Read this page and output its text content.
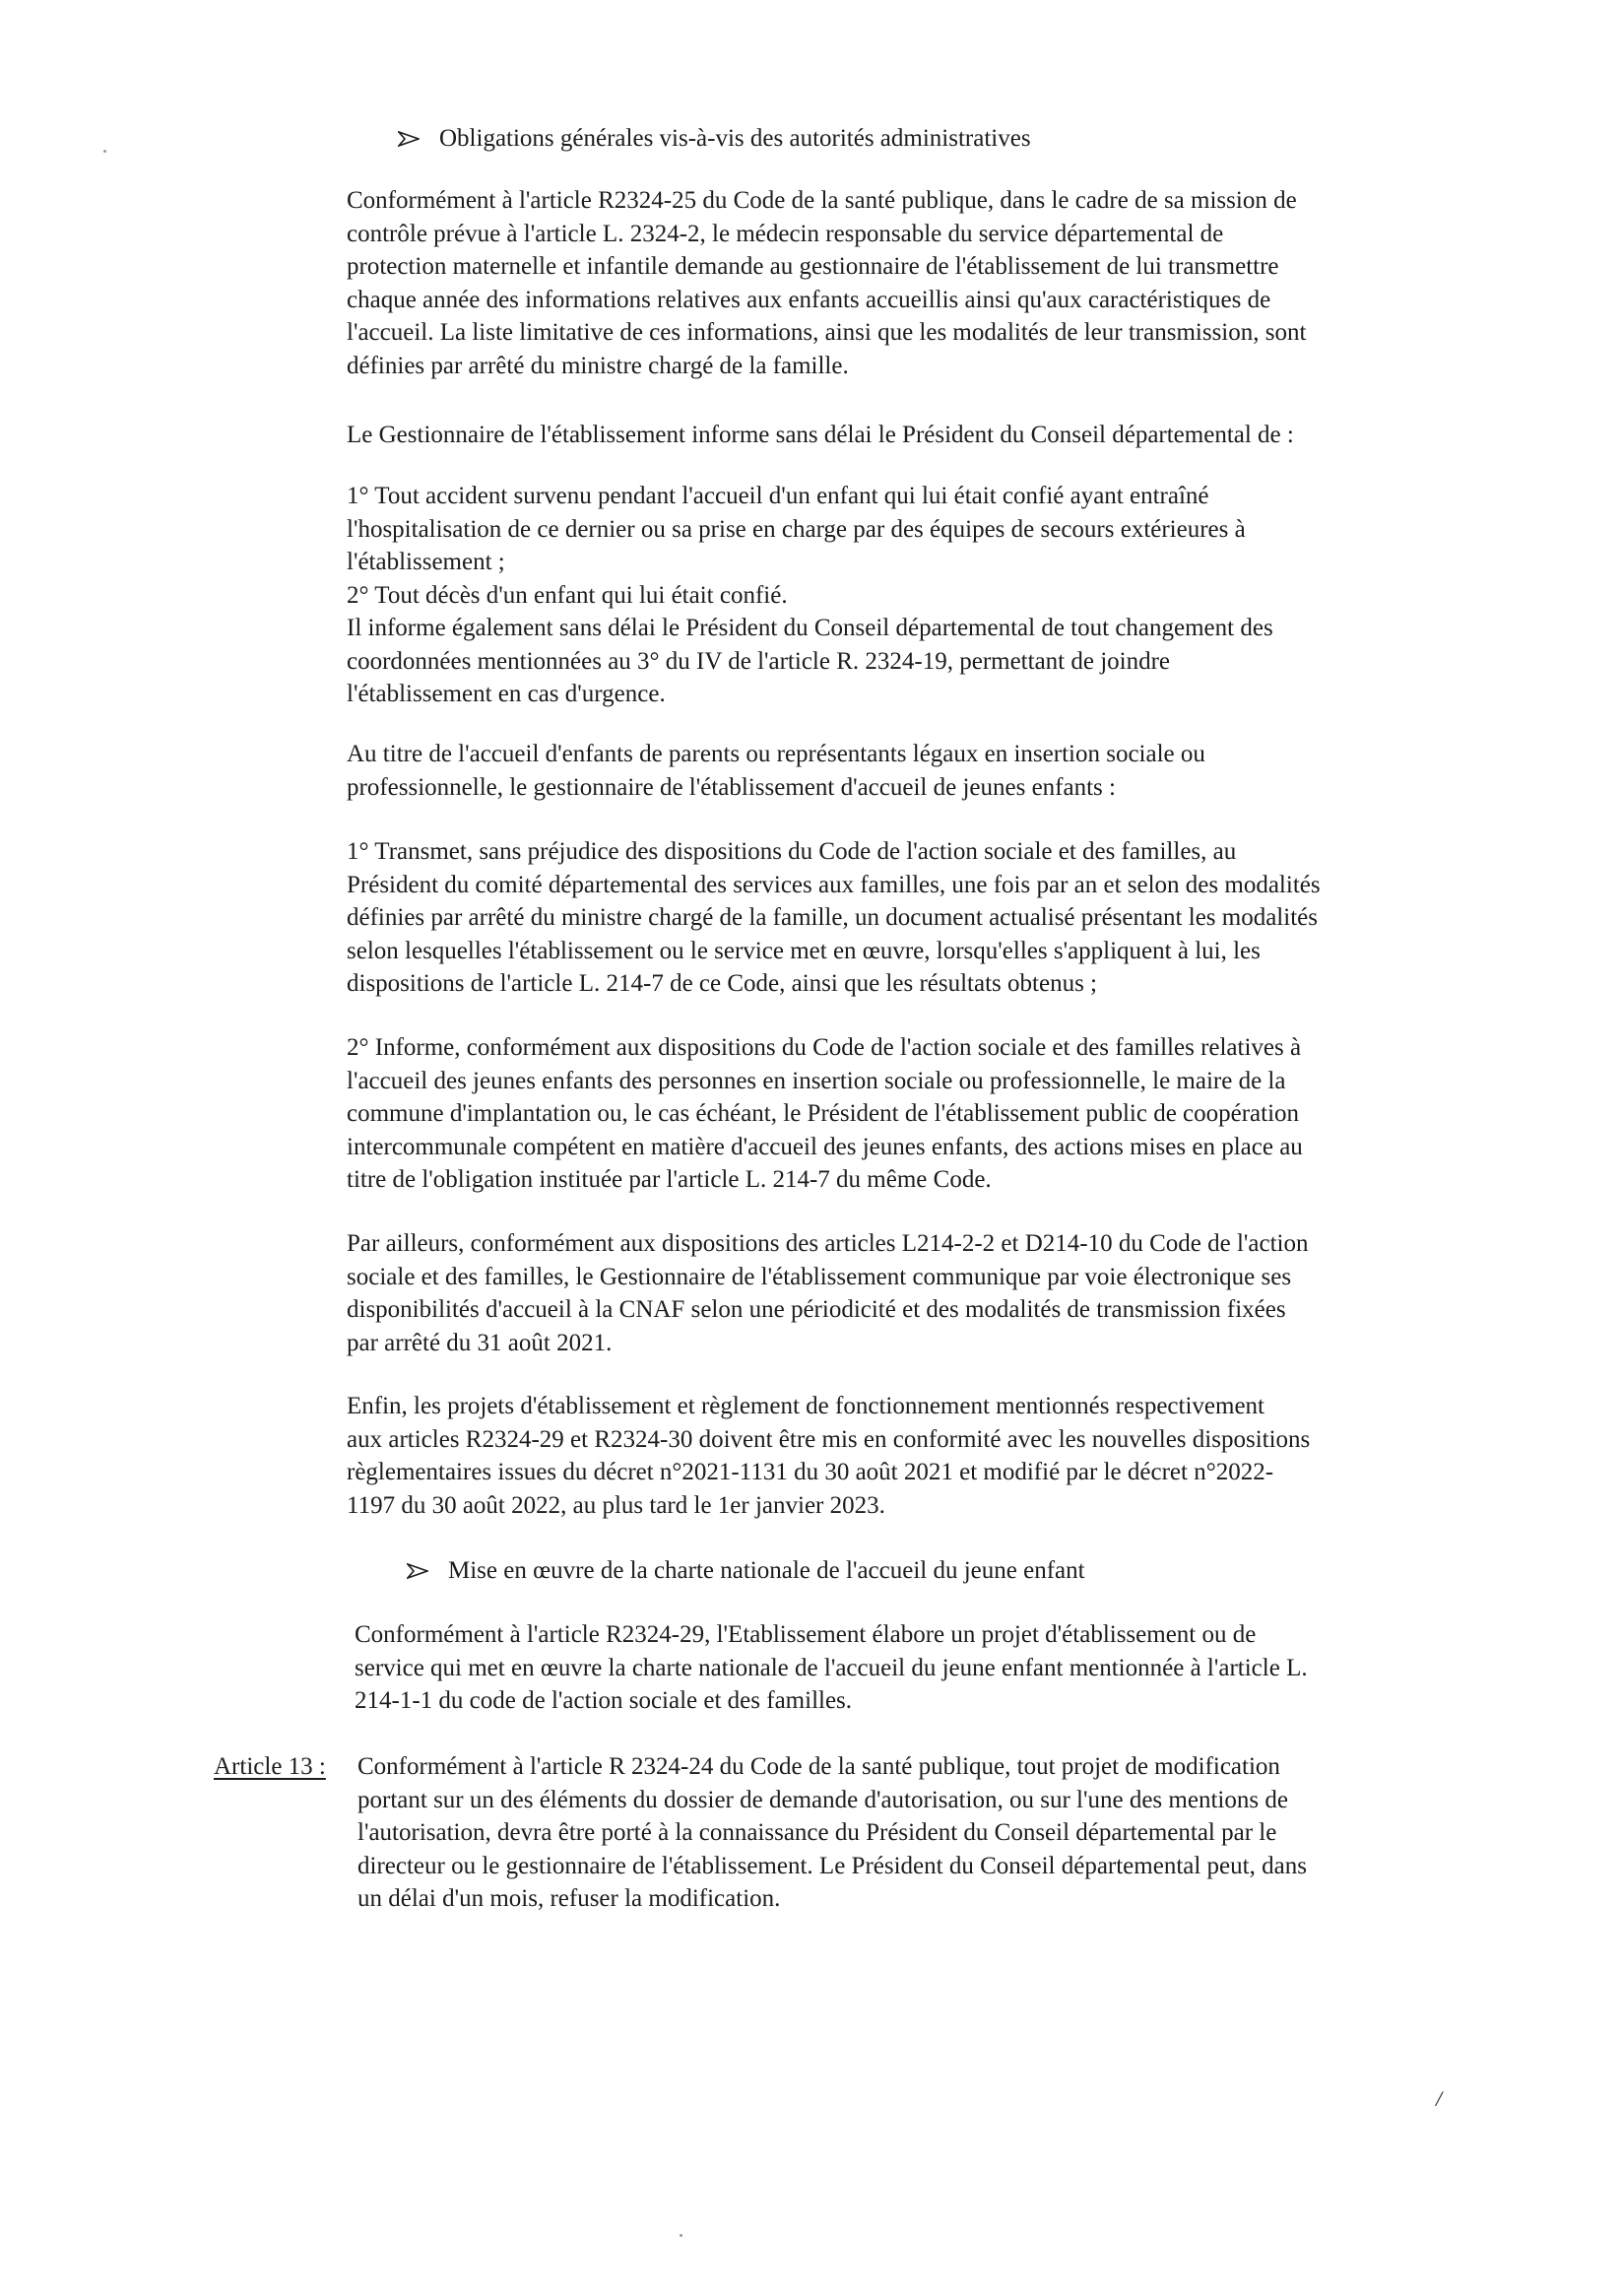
Obligations générales vis-à-vis des autorités administratives

Conformément à l'article R2324-25 du Code de la santé publique, dans le cadre de sa mission de
contrôle prévue à l'article L. 2324-2, le médecin responsable du service départemental de
protection maternelle et infantile demande au gestionnaire de l'établissement de lui transmettre
chaque année des informations relatives aux enfants accueillis ainsi qu'aux caractéristiques de
l'accueil. La liste limitative de ces informations, ainsi que les modalités de leur transmission, sont
définies par arrêté du ministre chargé de la famille.
Le Gestionnaire de l'établissement informe sans délai le Président du Conseil départemental de :
1° Tout accident survenu pendant l'accueil d'un enfant qui lui était confié ayant entraîné
l'hospitalisation de ce dernier ou sa prise en charge par des équipes de secours extérieures à
l'établissement ;
2° Tout décès d'un enfant qui lui était confié.
Il informe également sans délai le Président du Conseil départemental de tout changement des
coordonnées mentionnées au 3° du IV de l'article R. 2324-19, permettant de joindre
l'établissement en cas d'urgence.
Au titre de l'accueil d'enfants de parents ou représentants légaux en insertion sociale ou
professionnelle, le gestionnaire de l'établissement d'accueil de jeunes enfants :
1° Transmet, sans préjudice des dispositions du Code de l'action sociale et des familles, au
Président du comité départemental des services aux familles, une fois par an et selon des modalités
définies par arrêté du ministre chargé de la famille, un document actualisé présentant les modalités
selon lesquelles l'établissement ou le service met en œuvre, lorsqu'elles s'appliquent à lui, les
dispositions de l'article L. 214-7 de ce Code, ainsi que les résultats obtenus ;
2° Informe, conformément aux dispositions du Code de l'action sociale et des familles relatives à
l'accueil des jeunes enfants des personnes en insertion sociale ou professionnelle, le maire de la
commune d'implantation ou, le cas échéant, le Président de l'établissement public de coopération
intercommunale compétent en matière d'accueil des jeunes enfants, des actions mises en place au
titre de l'obligation instituée par l'article L. 214-7 du même Code.
Par ailleurs, conformément aux dispositions des articles L214-2-2 et D214-10 du Code de l'action
sociale et des familles, le Gestionnaire de l'établissement communique par voie électronique ses
disponibilités d'accueil à la CNAF selon une périodicité et des modalités de transmission fixées
par arrêté du 31 août 2021.
Enfin, les projets d'établissement et règlement de fonctionnement mentionnés respectivement
aux articles R2324-29 et R2324-30 doivent être mis en conformité avec les nouvelles dispositions
règlementaires issues du décret n°2021-1131 du 30 août 2021 et modifié par le décret n°2022-
1197 du 30 août 2022, au plus tard le 1er janvier 2023.

Mise en œuvre de la charte nationale de l'accueil du jeune enfant

Conformément à l'article R2324-29, l'Etablissement élabore un projet d'établissement ou de
service qui met en œuvre la charte nationale de l'accueil du jeune enfant mentionnée à l'article L.
214-1-1 du code de l'action sociale et des familles.
Article 13 : Conformément à l'article R 2324-24 du Code de la santé publique, tout projet de modification
portant sur un des éléments du dossier de demande d'autorisation, ou sur l'une des mentions de
l'autorisation, devra être porté à la connaissance du Président du Conseil départemental par le
directeur ou le gestionnaire de l'établissement. Le Président du Conseil départemental peut, dans
un délai d'un mois, refuser la modification.
/
